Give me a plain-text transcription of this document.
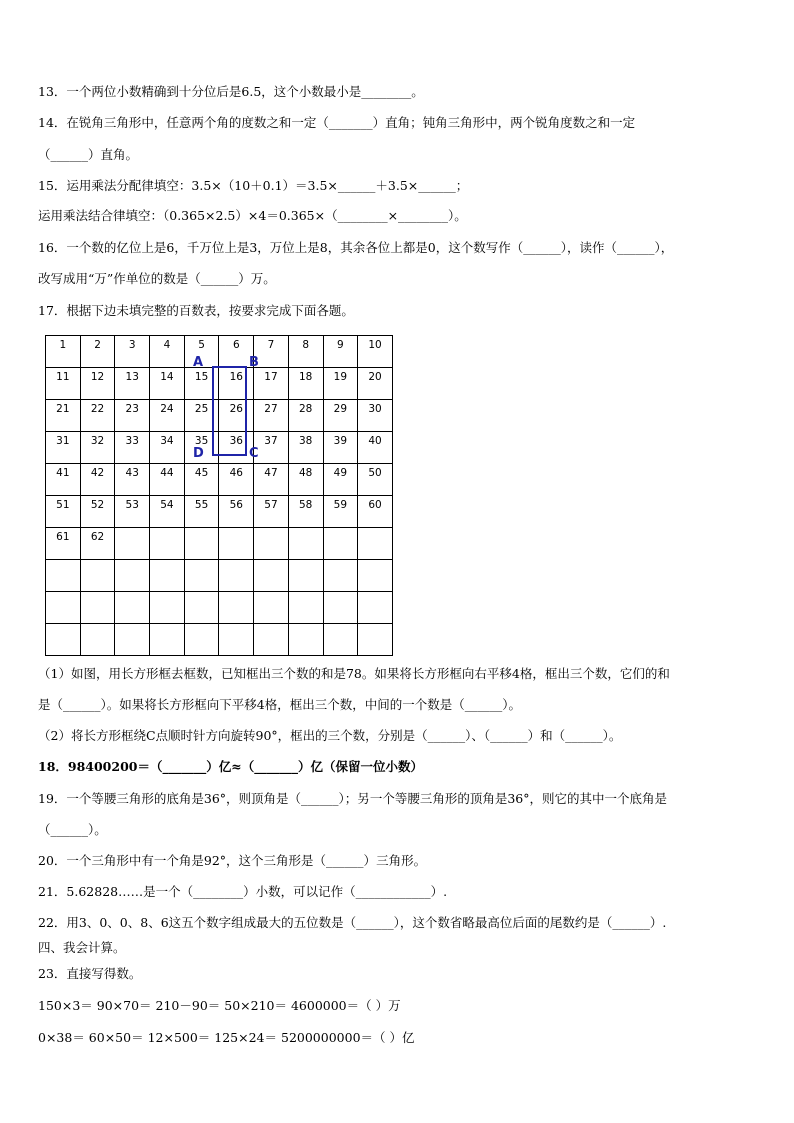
13．一个两位小数精确到十分位后是6.5，这个小数最小是________。
14．在锐角三角形中，任意两个角的度数之和一定（_______）直角；钝角三角形中，两个锐角度数之和一定
（______）直角。
15．运用乘法分配律填空：3.5×（10＋0.1）＝3.5×______＋3.5×______；
运用乘法结合律填空：（0.365×2.5）×4＝0.365×（________×________）。
16．一个数的亿位上是6，千万位上是3，万位上是8，其余各位上都是0，这个数写作（______），读作（______），
改写成用“万”作单位的数是（______）万。
17．根据下边未填完整的百数表，按要求完成下面各题。
1	2	3	4	5	6	7	8	9	10

11	12	13	14	15	16	17	18	19	20

21	22	23	24	25	26	27	28	29	30

31	32	33	34	35	36	37	38	39	40

41	42	43	44	45	46	47	48	49	50

51	52	53	54	55	56	57	58	59	60

61	62								

A	B
D	C
（1）如图，用长方形框去框数，已知框出三个数的和是78。如果将长方形框向右平移4格，框出三个数，它们的和
是（______）。如果将长方形框向下平移4格，框出三个数，中间的一个数是（______）。
（2）将长方形框绕C点顺时针方向旋转90°，框出的三个数，分别是（______）、（______）和（______）。
18．98400200＝（_______）亿≈（_______）亿（保留一位小数）
19．一个等腰三角形的底角是36°，则顶角是（______）；另一个等腰三角形的顶角是36°，则它的其中一个底角是
（______）。
20．一个三角形中有一个角是92°，这个三角形是（______）三角形。
21．5.62828……是一个（________）小数，可以记作（____________）.
22．用3、0、0、8、6这五个数字组成最大的五位数是（______），这个数省略最高位后面的尾数约是（______）.
四、我会计算。
23．直接写得数。
150×3＝ 90×70＝ 210－90＝ 50×210＝ 4600000＝（ ）万
0×38＝ 60×50＝ 12×500＝ 125×24＝ 5200000000＝（ ）亿
